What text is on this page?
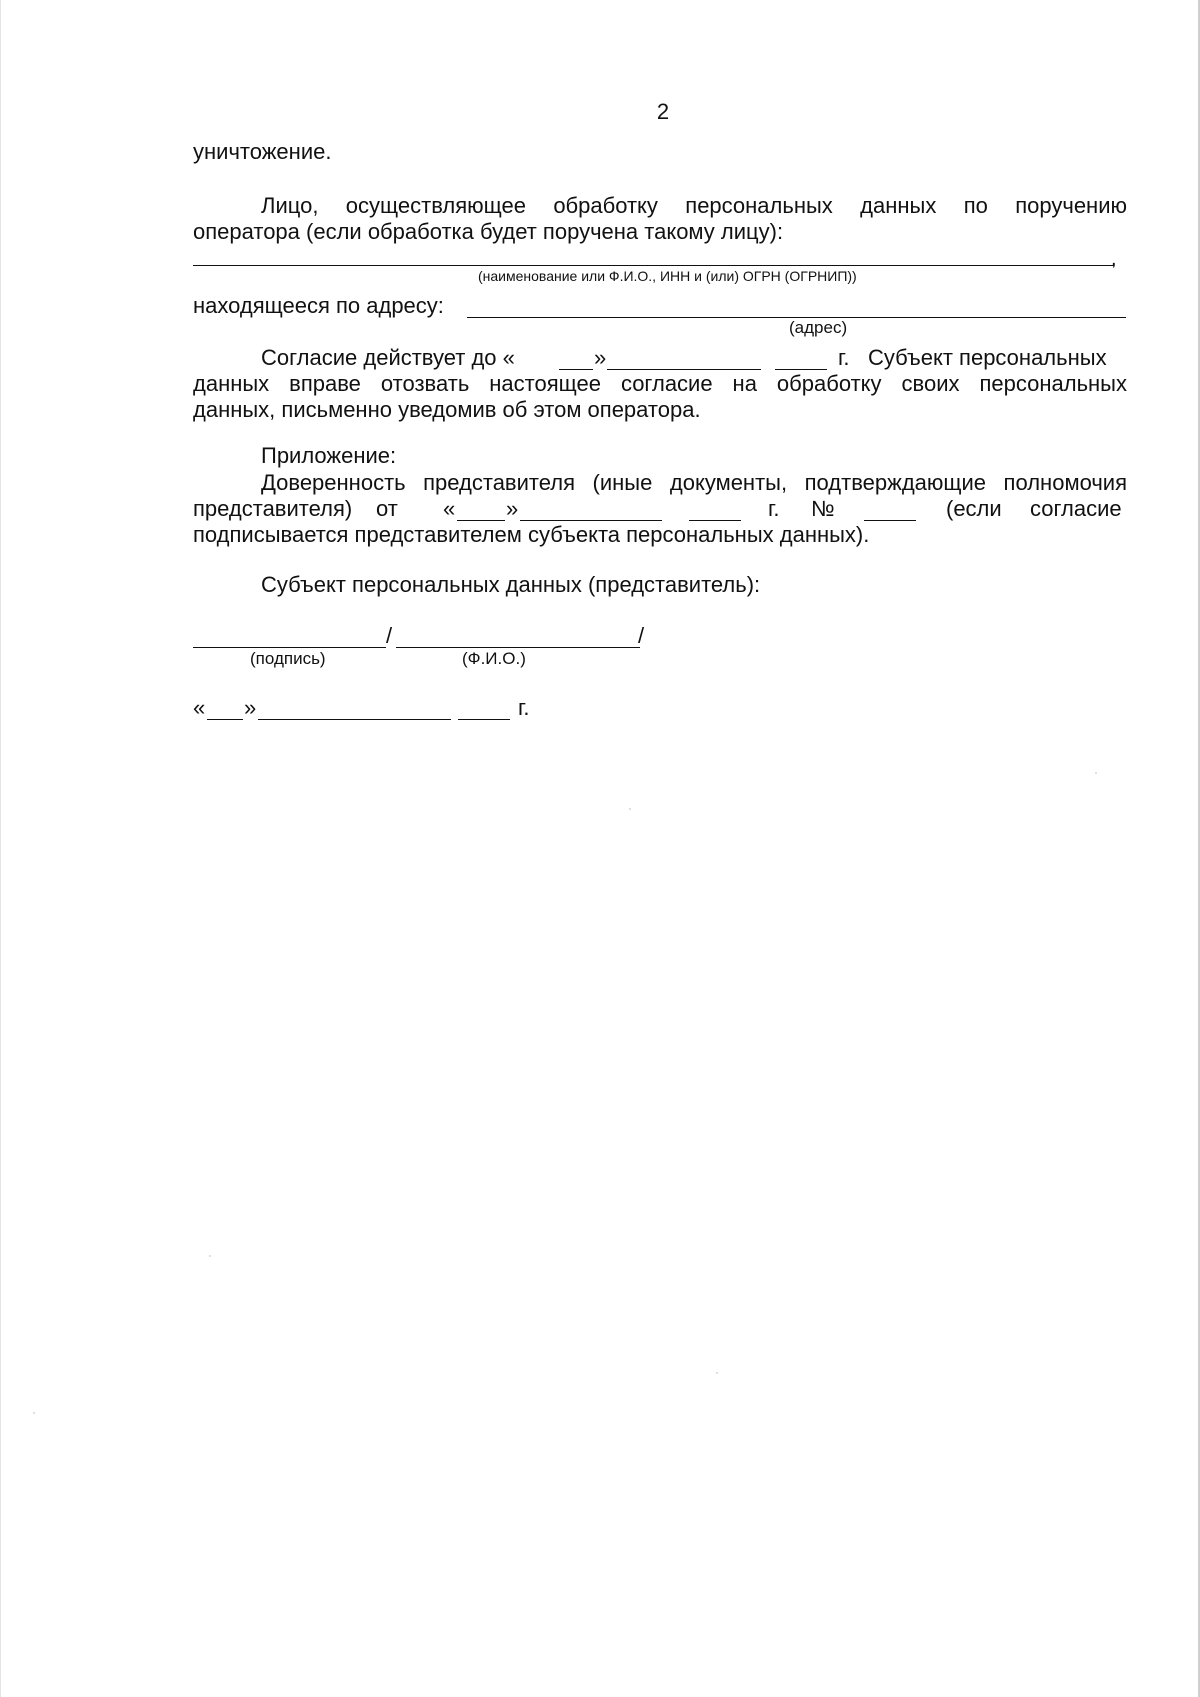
2
уничтожение.
Лицо, осуществляющее обработку персональных данных по поручению
оператора (если обработка будет поручена такому лицу):
,
(наименование или Ф.И.О., ИНН и (или) ОГРН (ОГРНИП))
находящееся по адресу:
(адрес)
Согласие действует до «	»	г. Субъект персональных
данных вправе отозвать настоящее согласие на обработку своих персональных
данных, письменно уведомив об этом оператора.
Приложение:
Доверенность представителя (иные документы, подтверждающие полномочия
представителя) от « »	г. №	(если согласие
подписывается представителем субъекта персональных данных).
Субъект персональных данных (представитель):
/	/
(подпись)	(Ф.И.О.)
« »	г.
